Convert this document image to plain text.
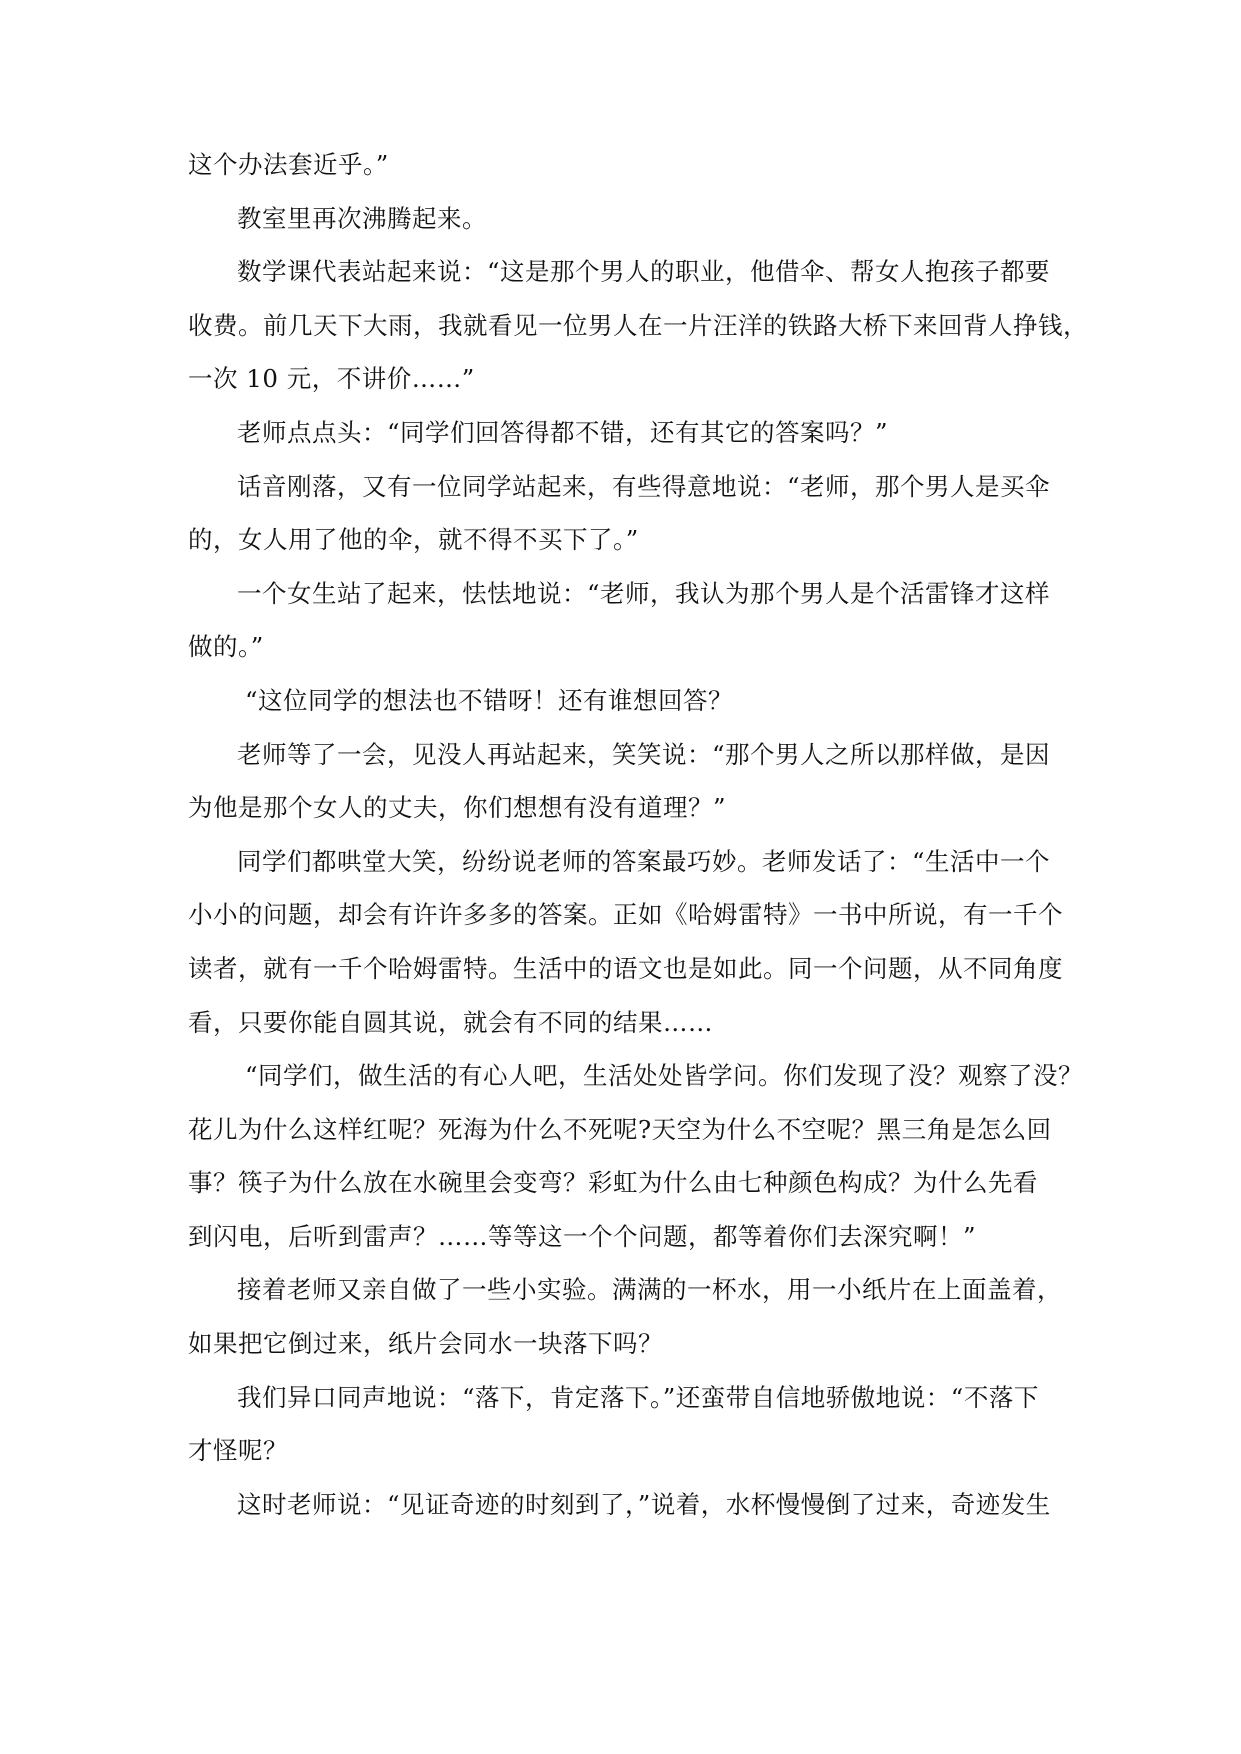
这个办法套近乎。”
教室里再次沸腾起来。
数学课代表站起来说：“这是那个男人的职业，他借伞、帮女人抱孩子都要
收费。前几天下大雨，我就看见一位男人在一片汪洋的铁路大桥下来回背人挣钱，
一次 10 元，不讲价……”
老师点点头：“同学们回答得都不错，还有其它的答案吗？”
话音刚落，又有一位同学站起来，有些得意地说：“老师，那个男人是买伞
的，女人用了他的伞，就不得不买下了。”
一个女生站了起来，怯怯地说：“老师，我认为那个男人是个活雷锋才这样
做的。”
“这位同学的想法也不错呀！还有谁想回答？
老师等了一会，见没人再站起来，笑笑说：“那个男人之所以那样做，是因
为他是那个女人的丈夫，你们想想有没有道理？”
同学们都哄堂大笑，纷纷说老师的答案最巧妙。老师发话了：“生活中一个
小小的问题，却会有许许多多的答案。正如《哈姆雷特》一书中所说，有一千个
读者，就有一千个哈姆雷特。生活中的语文也是如此。同一个问题，从不同角度
看，只要你能自圆其说，就会有不同的结果……
“同学们，做生活的有心人吧，生活处处皆学问。你们发现了没？观察了没？
花儿为什么这样红呢？死海为什么不死呢?天空为什么不空呢？黑三角是怎么回
事？筷子为什么放在水碗里会变弯？彩虹为什么由七种颜色构成？为什么先看
到闪电，后听到雷声？……等等这一个个问题，都等着你们去深究啊！”
接着老师又亲自做了一些小实验。满满的一杯水，用一小纸片在上面盖着，
如果把它倒过来，纸片会同水一块落下吗？
我们异口同声地说：“落下，肯定落下。”还蛮带自信地骄傲地说：“不落下
才怪呢？
这时老师说：“见证奇迹的时刻到了，”说着，水杯慢慢倒了过来，奇迹发生
